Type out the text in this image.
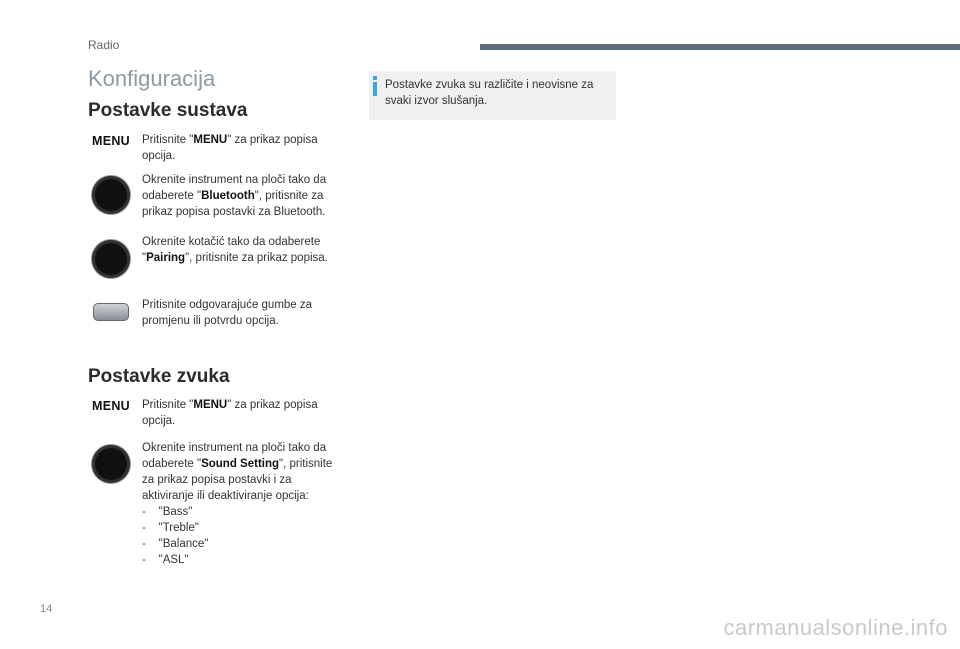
Radio
Konfiguracija
Postavke sustava
MENU Pritisnite "MENU" za prikaz popisa opcija.
Okrenite instrument na ploči tako da odaberete "Bluetooth", pritisnite za prikaz popisa postavki za Bluetooth.
Okrenite kotačić tako da odaberete "Pairing", pritisnite za prikaz popisa.
Pritisnite odgovarajuće gumbe za promjenu ili potvrdu opcija.
Postavke zvuka
MENU Pritisnite "MENU" za prikaz popisa opcija.
Okrenite instrument na ploči tako da odaberete "Sound Setting", pritisnite za prikaz popisa postavki i za aktiviranje ili deaktiviranje opcija:
-    "Bass"
-    "Treble"
-    "Balance"
-    "ASL"
Postavke zvuka su različite i neovisne za svaki izvor slušanja.
14
carmanualsonline.info
